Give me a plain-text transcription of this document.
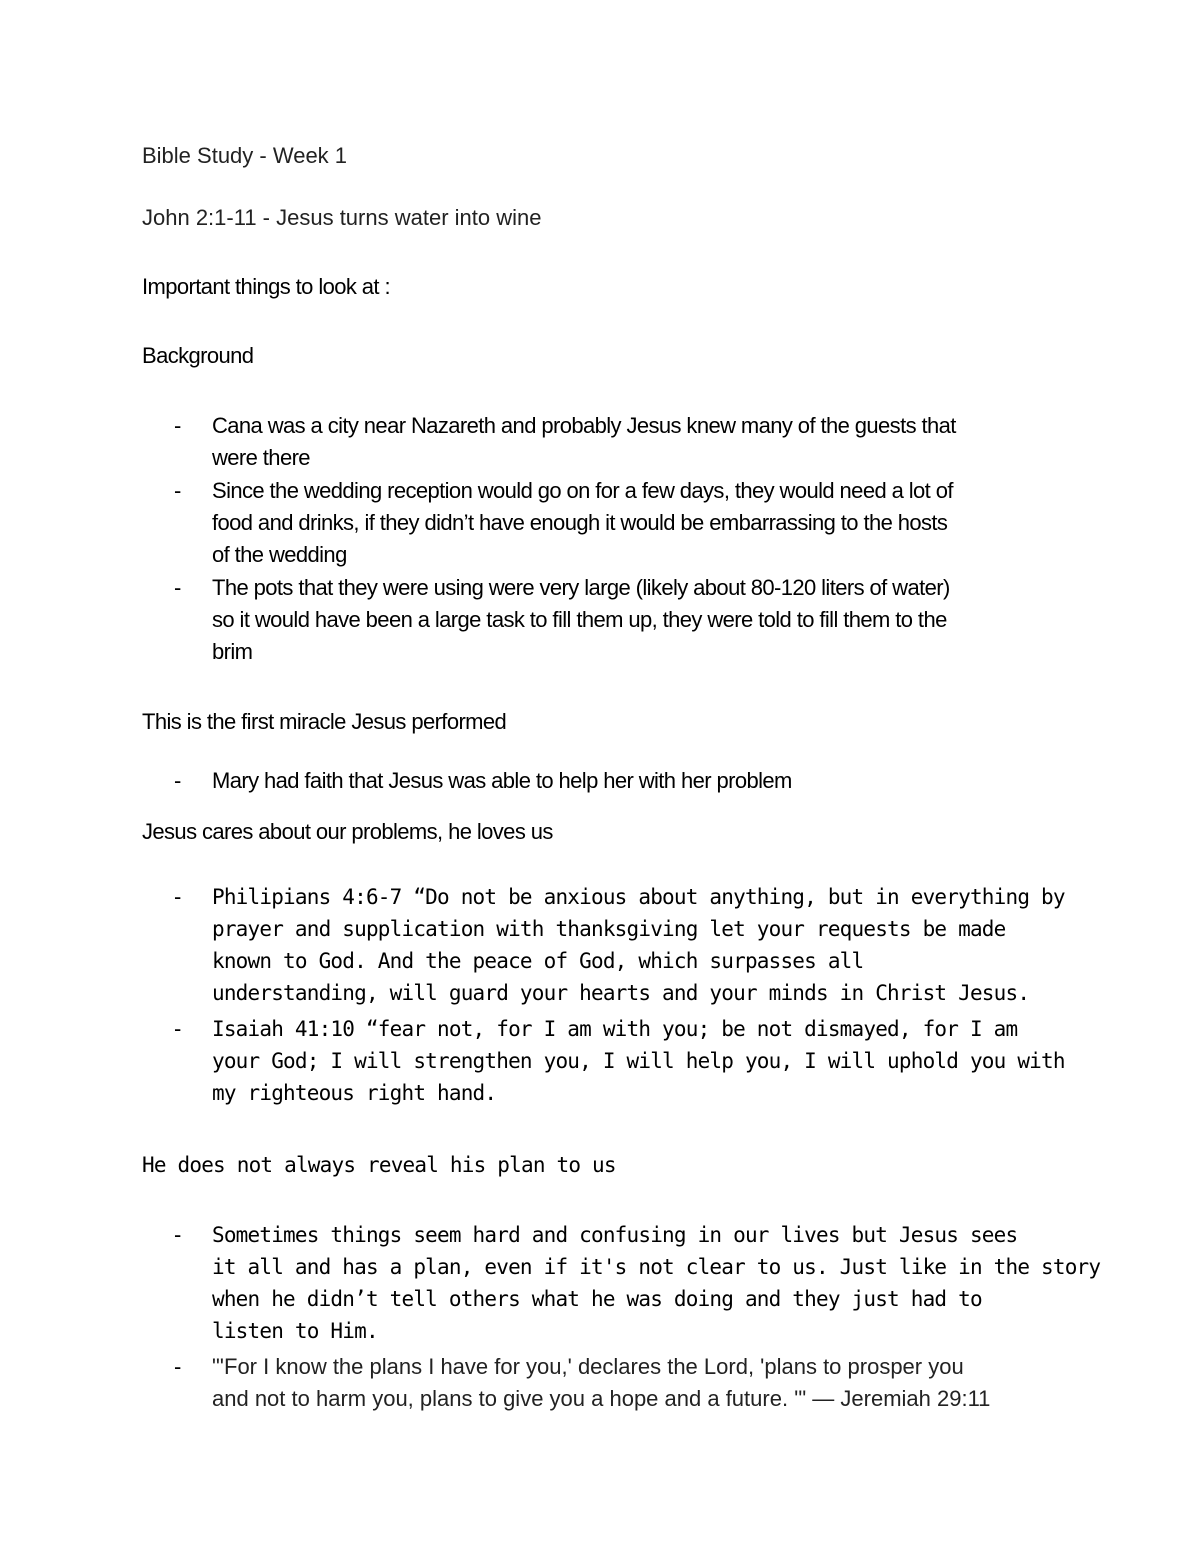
Bible Study - Week 1
John 2:1-11 - Jesus turns water into wine
Important things to look at :
Background
- Cana was a city near Nazareth and probably Jesus knew many of the guests that
were there
- Since the wedding reception would go on for a few days, they would need a lot of
food and drinks, if they didn’t have enough it would be embarrassing to the hosts
of the wedding
- The pots that they were using were very large (likely about 80-120 liters of water)
so it would have been a large task to fill them up, they were told to fill them to the
brim
This is the first miracle Jesus performed
- Mary had faith that Jesus was able to help her with her problem
Jesus cares about our problems, he loves us
- Philipians 4:6-7 “Do not be anxious about anything, but in everything by
prayer and supplication with thanksgiving let your requests be made
known to God. And the peace of God, which surpasses all
understanding, will guard your hearts and your minds in Christ Jesus.
- Isaiah 41:10 “fear not, for I am with you; be not dismayed, for I am
your God; I will strengthen you, I will help you, I will uphold you with
my righteous right hand.
He does not always reveal his plan to us
- Sometimes things seem hard and confusing in our lives but Jesus sees
it all and has a plan, even if it's not clear to us. Just like in the story
when he didn’t tell others what he was doing and they just had to
listen to Him.
- "'For I know the plans I have for you,' declares the Lord, 'plans to prosper you
and not to harm you, plans to give you a hope and a future. '" — Jeremiah 29:11
